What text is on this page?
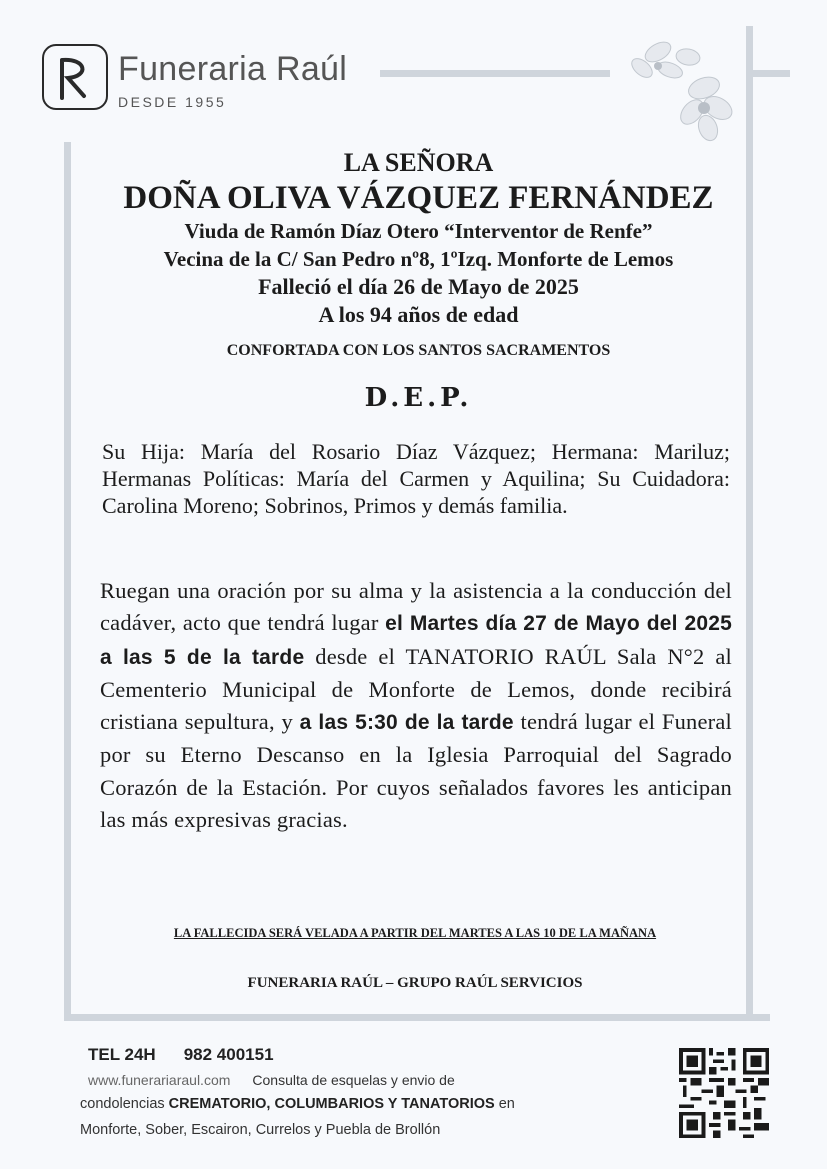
Funeraria Raúl
DESDE 1955
LA SEÑORA
DOÑA OLIVA VÁZQUEZ FERNÁNDEZ
Viuda de Ramón Díaz Otero “Interventor de Renfe”
Vecina de la C/ San Pedro nº8, 1ºIzq. Monforte de Lemos
Falleció el día 26 de Mayo de 2025
A los 94 años de edad
CONFORTADA CON LOS SANTOS SACRAMENTOS
D.E.P.
Su Hija: María del Rosario Díaz Vázquez; Hermana: Mariluz; Hermanas Políticas: María del Carmen y Aquilina; Su Cuidadora: Carolina Moreno; Sobrinos, Primos y demás familia.
Ruegan una oración por su alma y la asistencia a la conducción del cadáver, acto que tendrá lugar el Martes día 27 de Mayo del 2025 a las 5 de la tarde desde el TANATORIO RAÚL Sala N°2 al Cementerio Municipal de Monforte de Lemos, donde recibirá cristiana sepultura, y a las 5:30 de la tarde tendrá lugar el Funeral por su Eterno Descanso en la Iglesia Parroquial del Sagrado Corazón de la Estación. Por cuyos señalados favores les anticipan las más expresivas gracias.
LA FALLECIDA SERÁ VELADA A PARTIR DEL MARTES A LAS 10 DE LA MAÑANA
FUNERARIA RAÚL – GRUPO RAÚL SERVICIOS
TEL 24H 982 400151
www.funerariaraul.com Consulta de esquelas y envio de
condolencias CREMATORIO, COLUMBARIOS Y TANATORIOS en
Monforte, Sober, Escairon, Currelos y Puebla de Brollón
